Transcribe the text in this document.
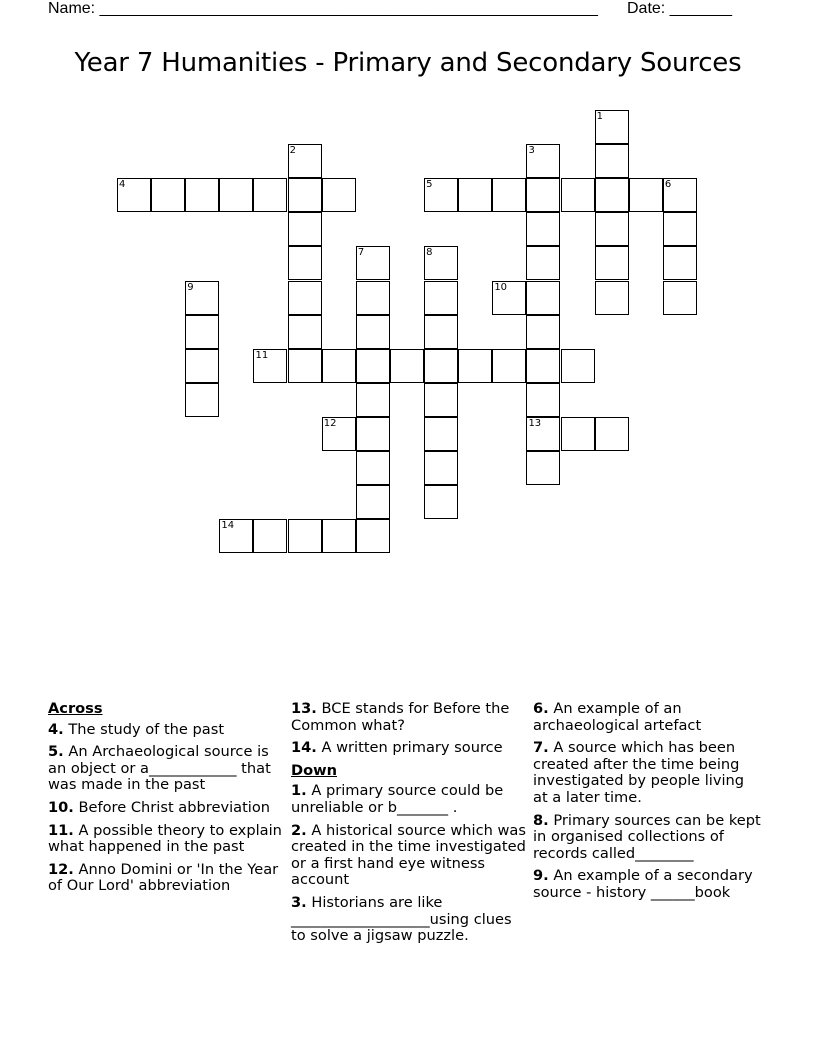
Name: ________________________________________________________ Date: _______
Year 7 Humanities - Primary and Secondary Sources
1
2	3
13
4	5	6
7	8
9	10
11
12
14
Across
4. The study of the past
5. An Archaeological source is an object or a____________ that was made in the past
10. Before Christ abbreviation
11. A possible theory to explain what happened in the past
12. Anno Domini or 'In the Year of Our Lord' abbreviation
13. BCE stands for Before the Common what?
14. A written primary source
Down
1. A primary source could be unreliable or b_______ .
2. A historical source which was created in the time investigated or a first hand eye witness account
3. Historians are like ___________________using clues to solve a jigsaw puzzle.
6. An example of an archaeological artefact
7. A source which has been created after the time being investigated by people living at a later time.
8. Primary sources can be kept in organised collections of records called________
9. An example of a secondary source - history ______book
